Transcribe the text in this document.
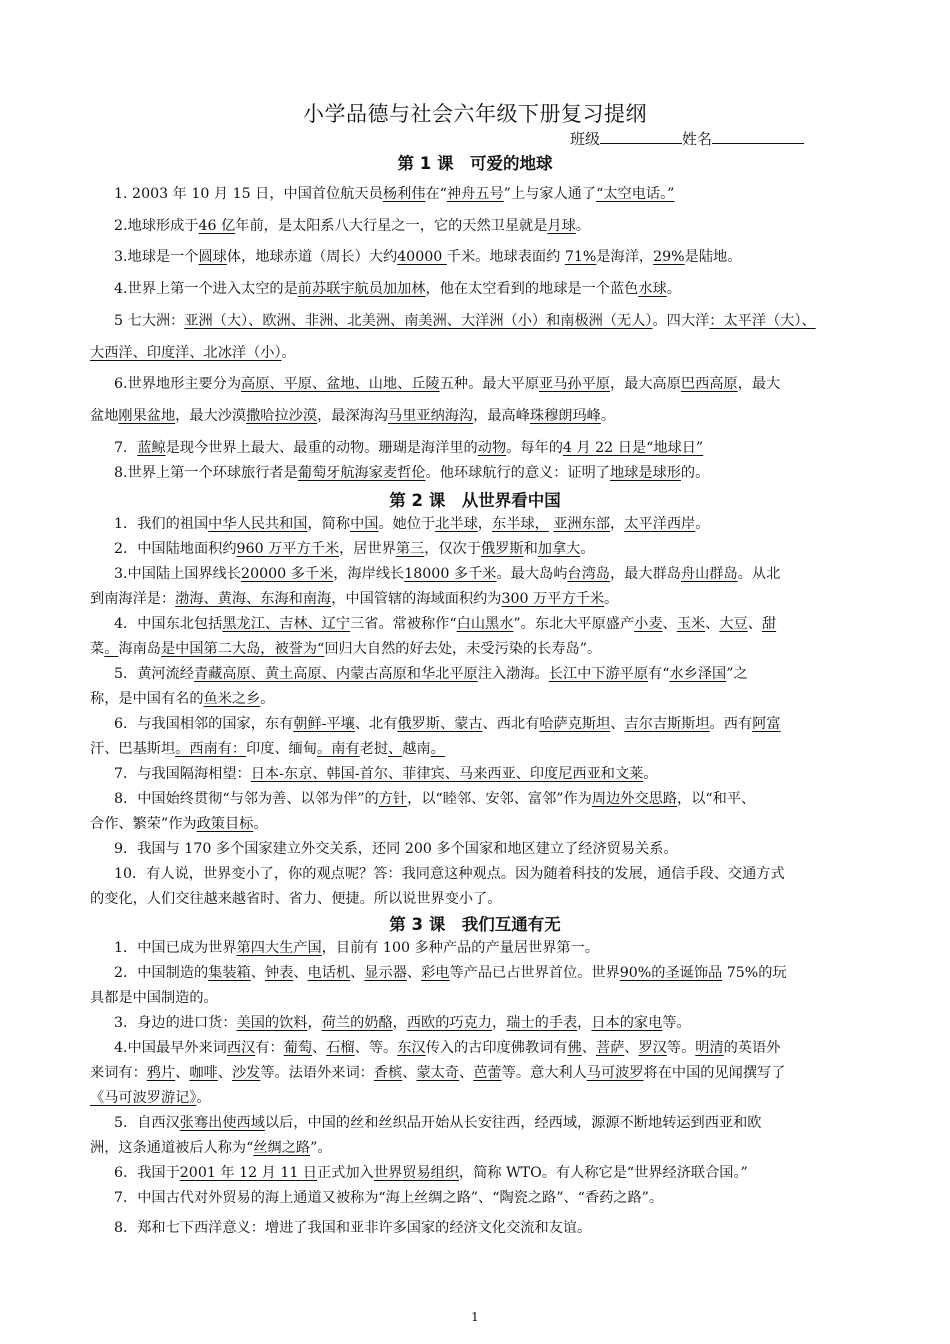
小学品德与社会六年级下册复习提纲
班级	姓名
第 1 课　可爱的地球
1. 2003 年 10 月 15 日，中国首位航天员杨利伟在“神舟五号”上与家人通了“太空电话。”
2.地球形成于46 亿年前，是太阳系八大行星之一，它的天然卫星就是月球。
3.地球是一个圆球体，地球赤道（周长）大约40000 千米。地球表面约 71%是海洋，29%是陆地。
4.世界上第一个进入太空的是前苏联宇航员加加林，他在太空看到的地球是一个蓝色水球。
5 七大洲：亚洲（大）、欧洲、非洲、北美洲、南美洲、大洋洲（小）和南极洲（无人）。四大洋：太平洋（大）、
大西洋、印度洋、北冰洋（小）。
6.世界地形主要分为高原、平原、盆地、山地、丘陵五种。最大平原亚马孙平原，最大高原巴西高原，最大
盆地刚果盆地，最大沙漠撒哈拉沙漠，最深海沟马里亚纳海沟，最高峰珠穆朗玛峰。
7．蓝鲸是现今世界上最大、最重的动物。珊瑚是海洋里的动物。每年的4 月 22 日是“地球日”
8.世界上第一个环球旅行者是葡萄牙航海家麦哲伦。他环球航行的意义：证明了地球是球形的。
第 2 课　从世界看中国
1．我们的祖国中华人民共和国，简称中国。她位于北半球，东半球， 亚洲东部，太平洋西岸。
2．中国陆地面积约960 万平方千米，居世界第三，仅次于俄罗斯和加拿大。
3.中国陆上国界线长20000 多千米，海岸线长18000 多千米。最大岛屿台湾岛，最大群岛舟山群岛。从北
到南海洋是：渤海、黄海、东海和南海，中国管辖的海域面积约为300 万平方千米。
4．中国东北包括黑龙江、吉林、辽宁三省。常被称作“白山黑水”。东北大平原盛产小麦、玉米、大豆、甜
菜。海南岛是中国第二大岛，被誉为“回归大自然的好去处，未受污染的长寿岛”。
5．黄河流经青藏高原、黄土高原、内蒙古高原和华北平原注入渤海。长江中下游平原有“水乡泽国”之
称，是中国有名的鱼米之乡。
6．与我国相邻的国家，东有朝鲜-平壤、北有俄罗斯、蒙古、西北有哈萨克斯坦、吉尔吉斯斯坦。西有阿富
汗、巴基斯坦。西南有：印度、缅甸。南有老挝、越南。
7．与我国隔海相望：日本-东京、韩国-首尔、菲律宾、马来西亚、印度尼西亚和文莱。
8．中国始终贯彻“与邻为善、以邻为伴”的方针，以“睦邻、安邻、富邻”作为周边外交思路，以“和平、
合作、繁荣”作为政策目标。
9．我国与 170 多个国家建立外交关系，还同 200 多个国家和地区建立了经济贸易关系。
10．有人说，世界变小了，你的观点呢？答：我同意这种观点。因为随着科技的发展，通信手段、交通方式
的变化，人们交往越来越省时、省力、便捷。所以说世界变小了。
第 3 课　我们互通有无
1．中国已成为世界第四大生产国，目前有 100 多种产品的产量居世界第一。
2．中国制造的集装箱、钟表、电话机、显示器、彩电等产品已占世界首位。世界90%的圣诞饰品 75%的玩
具都是中国制造的。
3．身边的进口货：美国的饮料，荷兰的奶酪，西欧的巧克力，瑞士的手表，日本的家电等。
4.中国最早外来词西汉有：葡萄、石榴、等。东汉传入的古印度佛教词有佛、菩萨、罗汉等。明清的英语外
来词有：鸦片、咖啡、沙发等。法语外来词：香槟、蒙太奇、芭蕾等。意大利人马可波罗将在中国的见闻撰写了
《马可波罗游记》。
5．自西汉张骞出使西域以后，中国的丝和丝织品开始从长安往西，经西域，源源不断地转运到西亚和欧
洲，这条通道被后人称为“丝绸之路”。
6．我国于2001 年 12 月 11 日正式加入世界贸易组织，简称 WTO。有人称它是“世界经济联合国。”
7．中国古代对外贸易的海上通道又被称为“海上丝绸之路”、“陶瓷之路”、“香药之路”。
8．郑和七下西洋意义：增进了我国和亚非许多国家的经济文化交流和友谊。
1
